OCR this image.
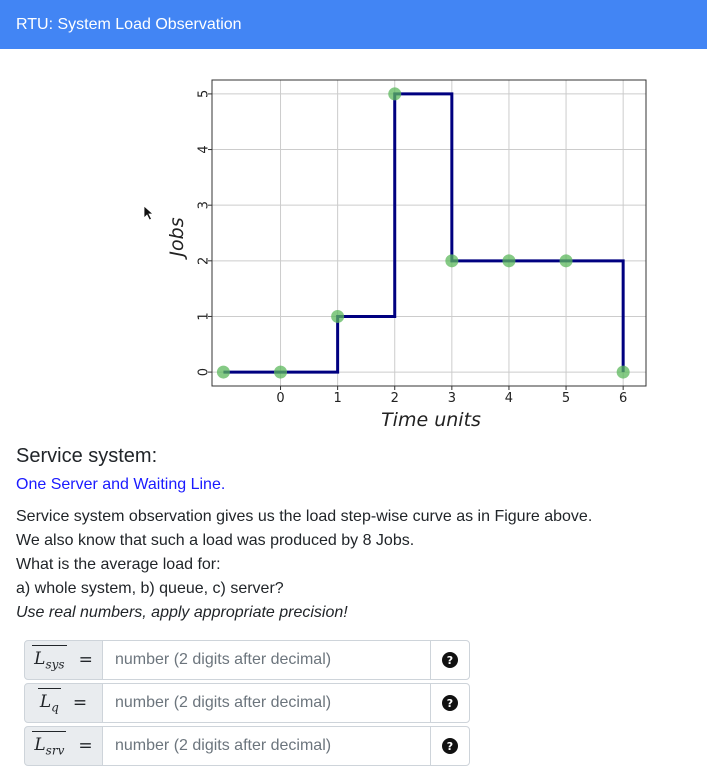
RTU: System Load Observation
0	1	2	3	4	5	6
0
1
2
3
4
5
Time units
Jobs
Service system:
One Server and Waiting Line.
Service system observation gives us the load step-wise curve as in Figure above.
We also know that such a load was produced by 8 Jobs.
What is the average load for:
a) whole system, b) queue, c) server?
Use real numbers, apply appropriate precision!
$L_{sys}$ =
number (2 digits after decimal)	?
$L_q$ =
number (2 digits after decimal)	?
$L_{srv}$ =
number (2 digits after decimal)	?
